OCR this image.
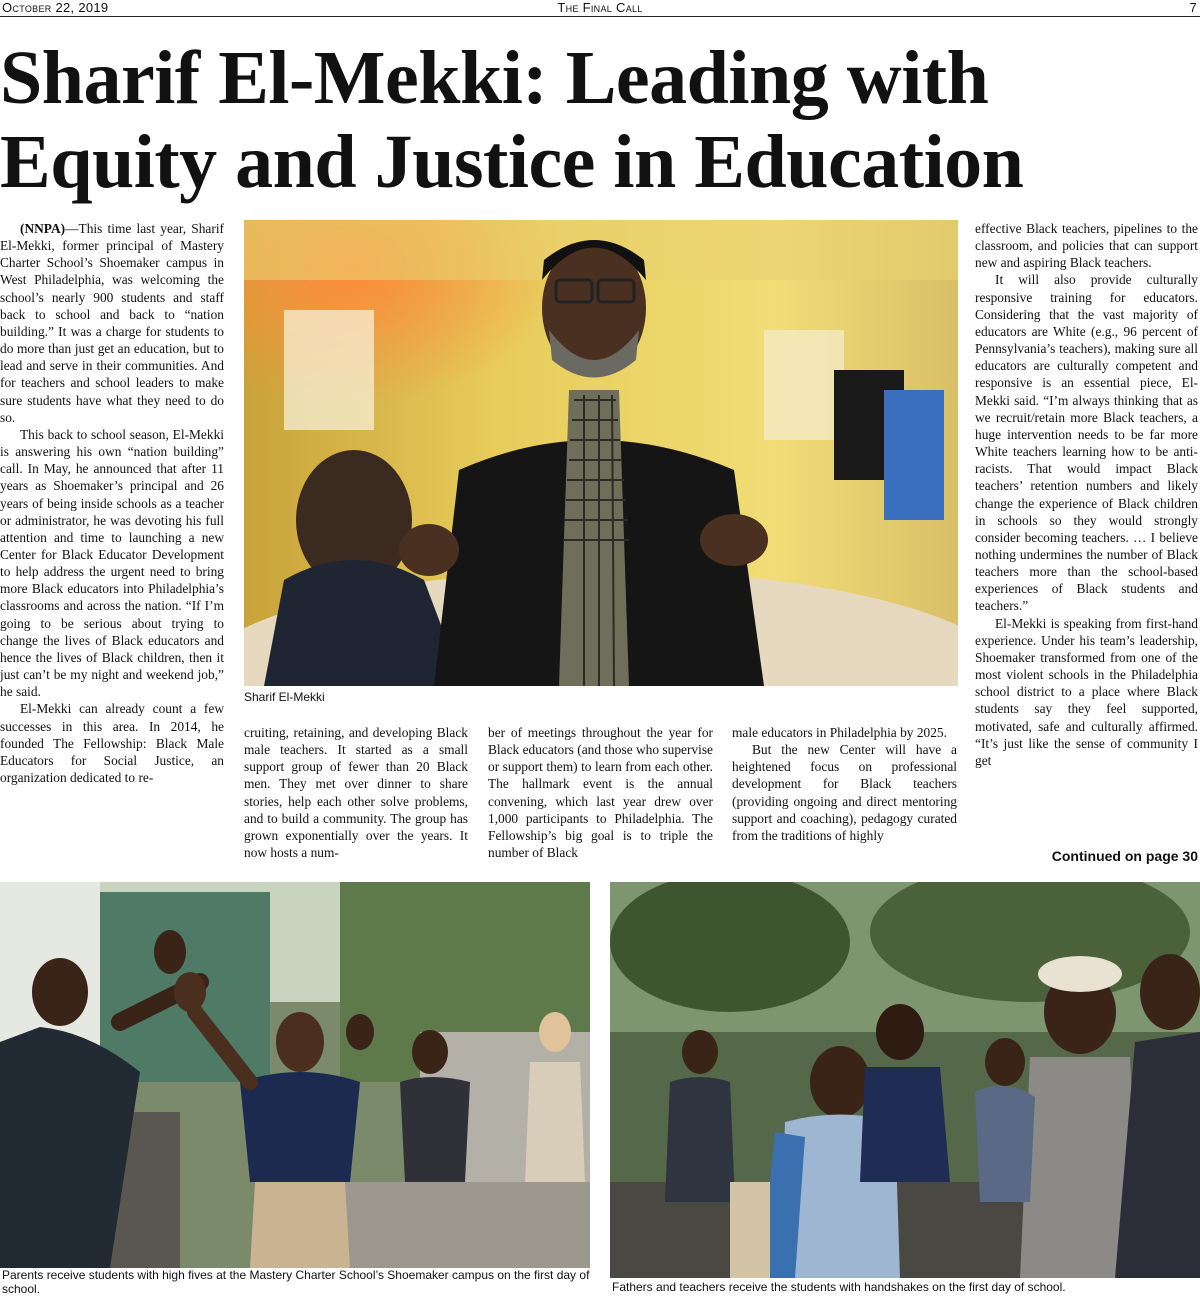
October 22, 2019	The Final Call	7
Sharif El-Mekki: Leading with
Equity and Justice in Education

(NNPA)—This time last year, Sharif El-Mekki, former principal of Mastery Charter School’s Shoemaker campus in West Philadelphia, was welcoming the school’s nearly 900 students and staff back to school and back to “nation building.” It was a charge for students to do more than just get an education, but to lead and serve in their communities. And for teachers and school leaders to make sure students have what they need to do so.

This back to school season, El-Mekki is answering his own “nation building” call. In May, he announced that after 11 years as Shoemaker’s principal and 26 years of being inside schools as a teacher or administrator, he was devoting his full attention and time to launching a new Center for Black Educator Development to help address the urgent need to bring more Black educators into Philadelphia’s classrooms and across the nation. “If I’m going to be serious about trying to change the lives of Black educators and hence the lives of Black children, then it just can’t be my night and weekend job,” he said.

El-Mekki can already count a few successes in this area. In 2014, he founded The Fellowship: Black Male Educators for Social Justice, an organization dedicated to re-

Sharif El-Mekki

cruiting, retaining, and developing Black male teachers. It started as a small support group of fewer than 20 Black men. They met over dinner to share stories, help each other solve problems, and to build a community. The group has grown exponentially over the years. It now hosts a num-

ber of meetings throughout the year for Black educators (and those who supervise or support them) to learn from each other. The hallmark event is the annual convening, which last year drew over 1,000 participants to Philadelphia. The Fellowship’s big goal is to triple the number of Black

male educators in Philadelphia by 2025.

But the new Center will have a heightened focus on professional development for Black teachers (providing ongoing and direct mentoring support and coaching), pedagogy curated from the traditions of highly

effective Black teachers, pipelines to the classroom, and policies that can support new and aspiring Black teachers.

It will also provide culturally responsive training for educators. Considering that the vast majority of educators are White (e.g., 96 percent of Pennsylvania’s teachers), making sure all educators are culturally competent and responsive is an essential piece, El-Mekki said. “I’m always thinking that as we recruit/retain more Black teachers, a huge intervention needs to be far more White teachers learning how to be anti-racists. That would impact Black teachers’ retention numbers and likely change the experience of Black children in schools so they would strongly consider becoming teachers. … I believe nothing undermines the number of Black teachers more than the school-based experiences of Black students and teachers.”

El-Mekki is speaking from first-hand experience. Under his team’s leadership, Shoemaker transformed from one of the most violent schools in the Philadelphia school district to a place where Black students say they feel supported, motivated, safe and culturally affirmed. “It’s just like the sense of community I get

Continued on page 30
Parents receive students with high fives at the Mastery Charter School’s Shoemaker campus on the first day of school.	Fathers and teachers receive the students with handshakes on the first day of school.
